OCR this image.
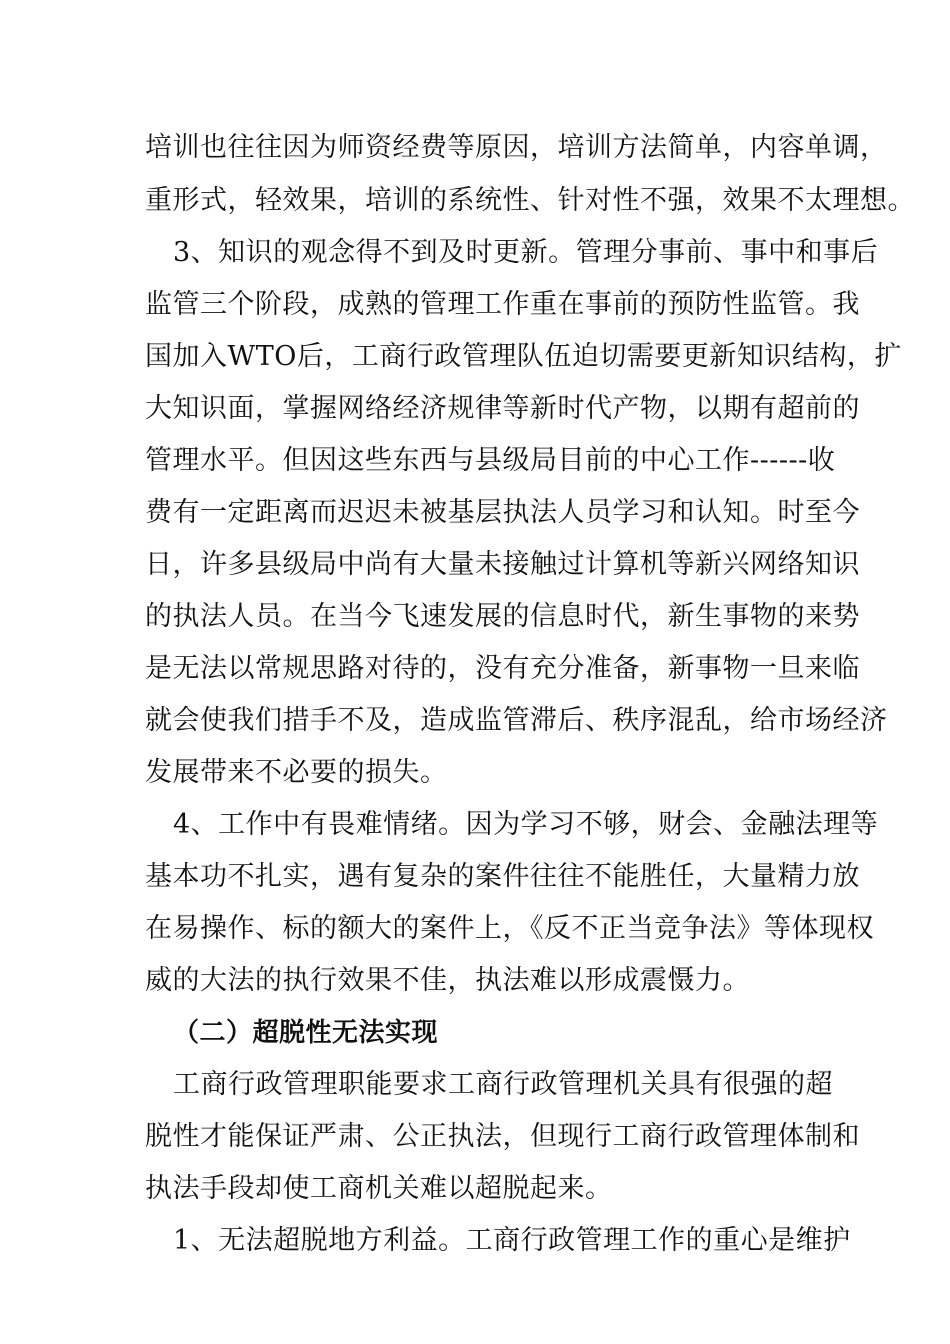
培训也往往因为师资经费等原因，培训方法简单，内容单调，
重形式，轻效果，培训的系统性、针对性不强，效果不太理想。
3、知识的观念得不到及时更新。管理分事前、事中和事后
监管三个阶段，成熟的管理工作重在事前的预防性监管。我
国加入WTO后，工商行政管理队伍迫切需要更新知识结构，扩
大知识面，掌握网络经济规律等新时代产物，以期有超前的
管理水平。但因这些东西与县级局目前的中心工作------收
费有一定距离而迟迟未被基层执法人员学习和认知。时至今
日，许多县级局中尚有大量未接触过计算机等新兴网络知识
的执法人员。在当今飞速发展的信息时代，新生事物的来势
是无法以常规思路对待的，没有充分准备，新事物一旦来临
就会使我们措手不及，造成监管滞后、秩序混乱，给市场经济
发展带来不必要的损失。
4、工作中有畏难情绪。因为学习不够，财会、金融法理等
基本功不扎实，遇有复杂的案件往往不能胜任，大量精力放
在易操作、标的额大的案件上，《反不正当竞争法》等体现权
威的大法的执行效果不佳，执法难以形成震慑力。
（二）超脱性无法实现
工商行政管理职能要求工商行政管理机关具有很强的超
脱性才能保证严肃、公正执法，但现行工商行政管理体制和
执法手段却使工商机关难以超脱起来。
1、无法超脱地方利益。工商行政管理工作的重心是维护
